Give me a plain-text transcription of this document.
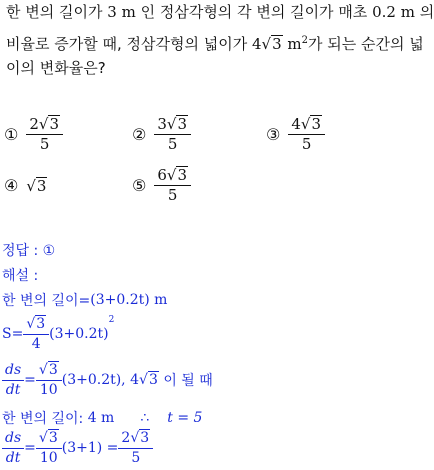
한 변의 길이가 3 m 인 정삼각형의 각 변의 길이가 매초 0.2 m 의
비율로 증가할 때, 정삼각형의 넓이가 4 √ 3 $m^2$가 되는 순간의 넓
이의 변화율은?
① $\frac{2 √ 3}{5}$	② $\frac{3 √ 3}{5}$	③ $\frac{4 √ 3}{5}$
④ √ 3	⑤ $\frac{6 √ 3}{5}$
정답 : ①
해설 :
한 변의 길이= (3+0.2t) m
$S= \frac{√ 3}{4} (3+0.2t)$
2
$\frac{ds}{dt} = \frac{√ 3}{10} (3+0.2t)$,
4 √ 3
이 될 때
한 변의 길이:
4 m ∴ t = 5
$\frac{ds}{dt} = \frac{√ 3}{10} (3+1) = \frac{2 √ 3}{5}$
